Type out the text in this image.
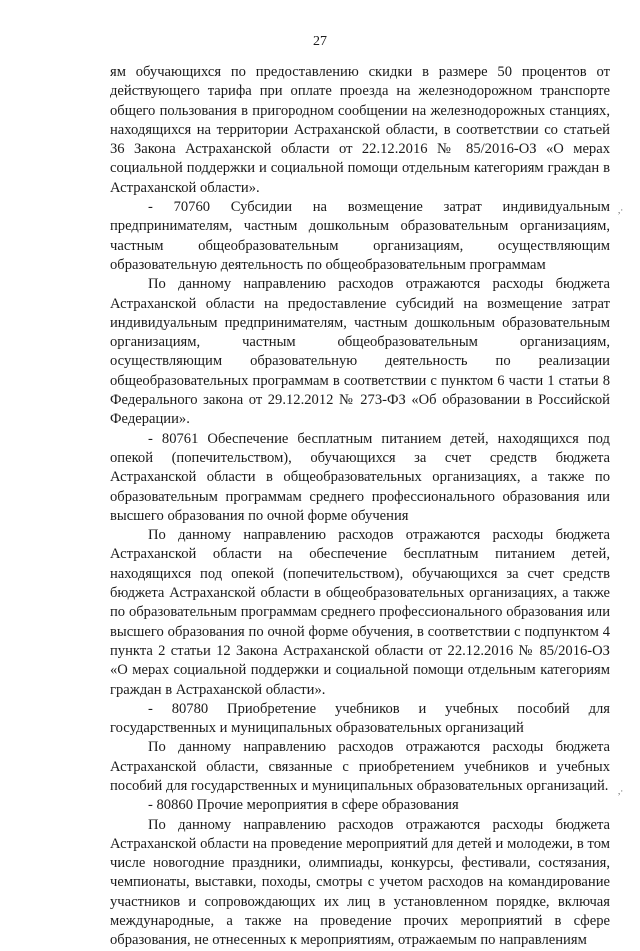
27

ям обучающихся по предоставлению скидки в размере 50 процентов от действующего тарифа при оплате проезда на железнодорожном транспорте общего пользования в пригородном сообщении на железнодорожных станциях, находящихся на территории Астраханской области, в соответствии со статьей 36 Закона Астраханской области от 22.12.2016 № 85/2016-ОЗ «О мерах социальной поддержки и социальной помощи отдельным категориям граждан в Астраханской области».

- 70760 Субсидии на возмещение затрат индивидуальным предпринимателям, частным дошкольным образовательным организациям, частным общеобразовательным организациям, осуществляющим образовательную деятельность по общеобразовательным программам

По данному направлению расходов отражаются расходы бюджета Астраханской области на предоставление субсидий на возмещение затрат индивидуальным предпринимателям, частным дошкольным образовательным организациям, частным общеобразовательным организациям, осуществляющим образовательную деятельность по реализации общеобразовательных программам в соответствии с пунктом 6 части 1 статьи 8 Федерального закона от 29.12.2012 № 273-ФЗ «Об образовании в Российской Федерации».

- 80761 Обеспечение бесплатным питанием детей, находящихся под опекой (попечительством), обучающихся за счет средств бюджета Астраханской области в общеобразовательных организациях, а также по образовательным программам среднего профессионального образования или высшего образования по очной форме обучения

По данному направлению расходов отражаются расходы бюджета Астраханской области на обеспечение бесплатным питанием детей, находящихся под опекой (попечительством), обучающихся за счет средств бюджета Астраханской области в общеобразовательных организациях, а также по образовательным программам среднего профессионального образования или высшего образования по очной форме обучения, в соответствии с подпунктом 4 пункта 2 статьи 12 Закона Астраханской области от 22.12.2016 № 85/2016-ОЗ «О мерах социальной поддержки и социальной помощи отдельным категориям граждан в Астраханской области».

- 80780 Приобретение учебников и учебных пособий для государственных и муниципальных образовательных организаций

По данному направлению расходов отражаются расходы бюджета Астраханской области, связанные с приобретением учебников и учебных пособий для государственных и муниципальных образовательных организаций.

- 80860 Прочие мероприятия в сфере образования

По данному направлению расходов отражаются расходы бюджета Астраханской области на проведение мероприятий для детей и молодежи, в том числе новогодние праздники, олимпиады, конкурсы, фестивали, состязания, чемпионаты, выставки, походы, смотры с учетом расходов на командирование участников и сопровождающих их лиц в установленном порядке, включая международные, а также на проведение прочих мероприятий в сфере образования, не отнесенных к мероприятиям, отражаемым по направлениям

,·
,·
